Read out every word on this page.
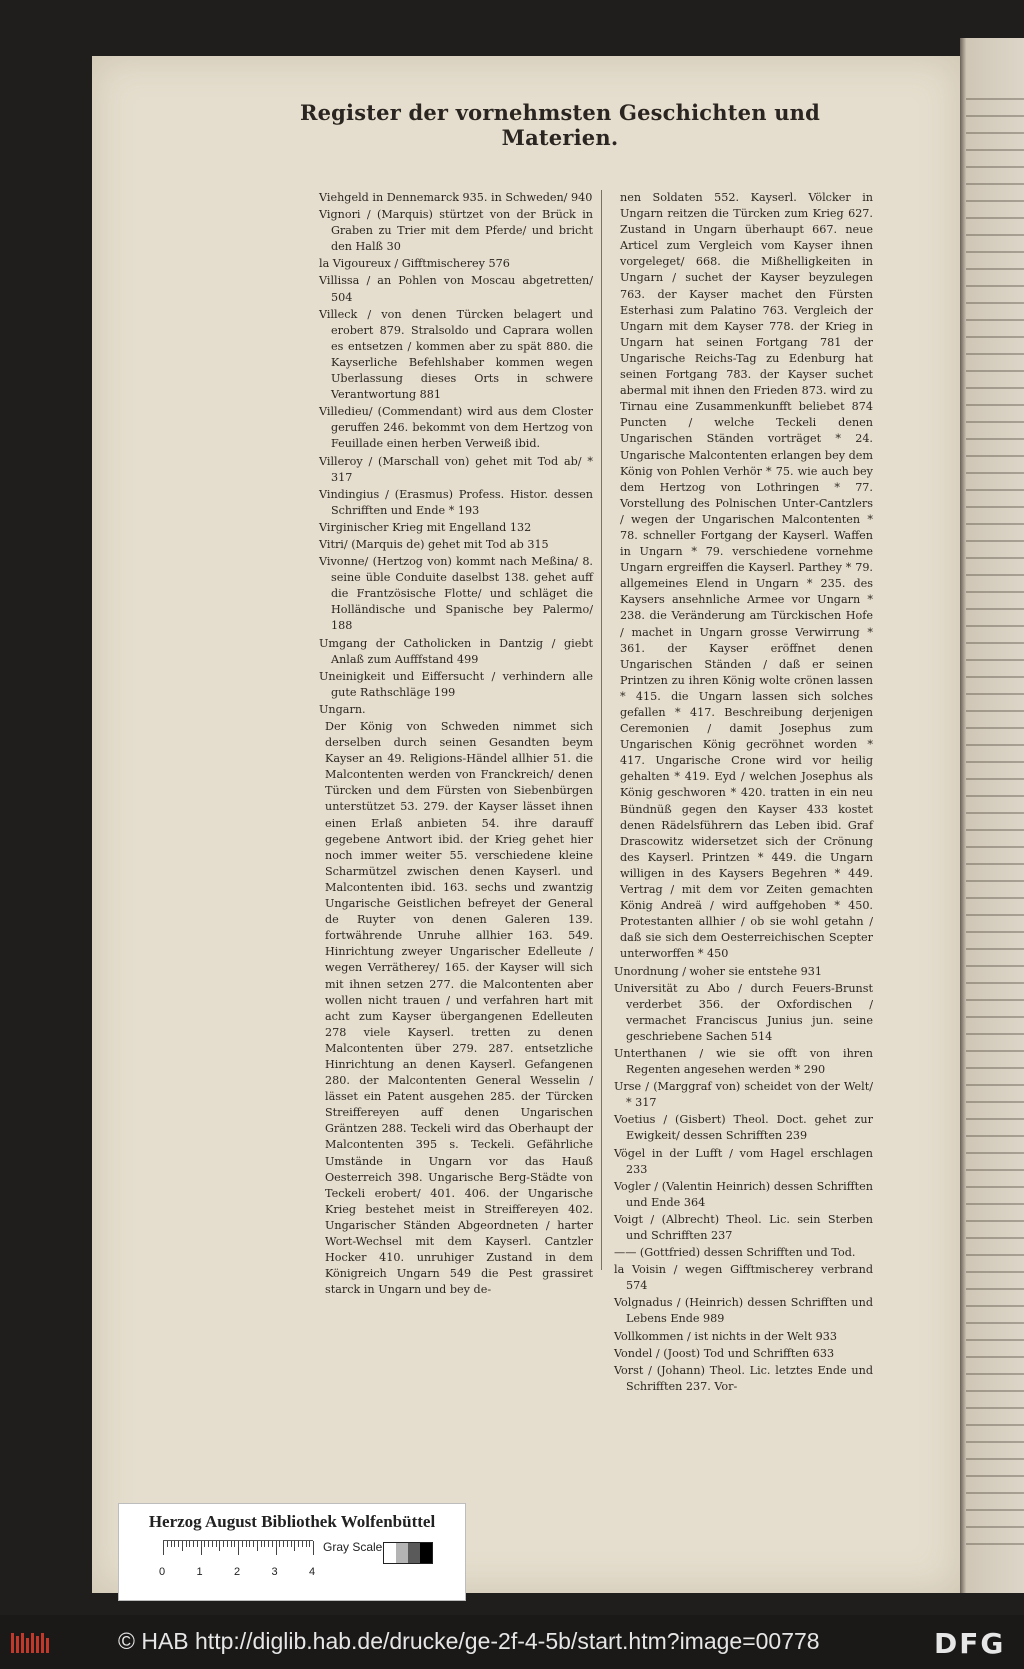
Register der vornehmsten Geschichten und Materien.

Viehgeld in Dennemarck 935. in Schweden/ 940

Vignori / (Marquis) stürtzet von der Brück in Graben zu Trier mit dem Pferde/ und bricht den Halß 30

la Vigoureux / Gifftmischerey 576

Villissa / an Pohlen von Moscau abgetretten/ 504

Villeck / von denen Türcken belagert und erobert 879. Stralsoldo und Caprara wollen es entsetzen / kommen aber zu spät 880. die Kayserliche Befehlshaber kommen wegen Uberlassung dieses Orts in schwere Verantwortung 881

Villedieu/ (Commendant) wird aus dem Closter geruffen 246. bekommt von dem Hertzog von Feuillade einen herben Verweiß ibid.

Villeroy / (Marschall von) gehet mit Tod ab/ * 317

Vindingius / (Erasmus) Profess. Histor. dessen Schrifften und Ende * 193

Virginischer Krieg mit Engelland 132

Vitri/ (Marquis de) gehet mit Tod ab 315

Vivonne/ (Hertzog von) kommt nach Meßina/ 8. seine üble Conduite daselbst 138. gehet auff die Frantzösische Flotte/ und schläget die Holländische und Spanische bey Palermo/ 188

Umgang der Catholicken in Dantzig / giebt Anlaß zum Aufffstand 499

Uneinigkeit und Eiffersucht / verhindern alle gute Rathschläge 199

Ungarn.

Der König von Schweden nimmet sich derselben durch seinen Gesandten beym Kayser an 49. Religions-Händel allhier 51. die Malcontenten werden von Franckreich/ denen Türcken und dem Fürsten von Siebenbürgen unterstützet 53. 279. der Kayser lässet ihnen einen Erlaß anbieten 54. ihre darauff gegebene Antwort ibid. der Krieg gehet hier noch immer weiter 55. verschiedene kleine Scharmützel zwischen denen Kayserl. und Malcontenten ibid. 163. sechs und zwantzig Ungarische Geistlichen befreyet der General de Ruyter von denen Galeren 139. fortwährende Unruhe allhier 163. 549. Hinrichtung zweyer Ungarischer Edelleute / wegen Verrätherey/ 165. der Kayser will sich mit ihnen setzen 277. die Malcontenten aber wollen nicht trauen / und verfahren hart mit acht zum Kayser übergangenen Edelleuten 278 viele Kayserl. tretten zu denen Malcontenten über 279. 287. entsetzliche Hinrichtung an denen Kayserl. Gefangenen 280. der Malcontenten General Wesselin / lässet ein Patent ausgehen 285. der Türcken Streiffereyen auff denen Ungarischen Gräntzen 288. Teckeli wird das Oberhaupt der Malcontenten 395 s. Teckeli. Gefährliche Umstände in Ungarn vor das Hauß Oesterreich 398. Ungarische Berg-Städte von Teckeli erobert/ 401. 406. der Ungarische Krieg bestehet meist in Streiffereyen 402. Ungarischer Ständen Abgeordneten / harter Wort-Wechsel mit dem Kayserl. Cantzler Hocker 410. unruhiger Zustand in dem Königreich Ungarn 549 die Pest grassiret starck in Ungarn und bey de-

nen Soldaten 552. Kayserl. Völcker in Ungarn reitzen die Türcken zum Krieg 627. Zustand in Ungarn überhaupt 667. neue Articel zum Vergleich vom Kayser ihnen vorgeleget/ 668. die Mißhelligkeiten in Ungarn / suchet der Kayser beyzulegen 763. der Kayser machet den Fürsten Esterhasi zum Palatino 763. Vergleich der Ungarn mit dem Kayser 778. der Krieg in Ungarn hat seinen Fortgang 781 der Ungarische Reichs-Tag zu Edenburg hat seinen Fortgang 783. der Kayser suchet abermal mit ihnen den Frieden 873. wird zu Tirnau eine Zusammenkunfft beliebet 874 Puncten / welche Teckeli denen Ungarischen Ständen vorträget * 24. Ungarische Malcontenten erlangen bey dem König von Pohlen Verhör * 75. wie auch bey dem Hertzog von Lothringen * 77. Vorstellung des Polnischen Unter-Cantzlers / wegen der Ungarischen Malcontenten * 78. schneller Fortgang der Kayserl. Waffen in Ungarn * 79. verschiedene vornehme Ungarn ergreiffen die Kayserl. Parthey * 79. allgemeines Elend in Ungarn * 235. des Kaysers ansehnliche Armee vor Ungarn * 238. die Veränderung am Türckischen Hofe / machet in Ungarn grosse Verwirrung * 361. der Kayser eröffnet denen Ungarischen Ständen / daß er seinen Printzen zu ihren König wolte crönen lassen * 415. die Ungarn lassen sich solches gefallen * 417. Beschreibung derjenigen Ceremonien / damit Josephus zum Ungarischen König gecröhnet worden * 417. Ungarische Crone wird vor heilig gehalten * 419. Eyd / welchen Josephus als König geschworen * 420. tratten in ein neu Bündnüß gegen den Kayser 433 kostet denen Rädelsführern das Leben ibid. Graf Drascowitz widersetzet sich der Crönung des Kayserl. Printzen * 449. die Ungarn willigen in des Kaysers Begehren * 449. Vertrag / mit dem vor Zeiten gemachten König Andreä / wird auffgehoben * 450. Protestanten allhier / ob sie wohl getahn / daß sie sich dem Oesterreichischen Scepter unterworffen * 450

Unordnung / woher sie entstehe 931

Universität zu Abo / durch Feuers-Brunst verderbet 356. der Oxfordischen / vermachet Franciscus Junius jun. seine geschriebene Sachen 514

Unterthanen / wie sie offt von ihren Regenten angesehen werden * 290

Urse / (Marggraf von) scheidet von der Welt/ * 317

Voetius / (Gisbert) Theol. Doct. gehet zur Ewigkeit/ dessen Schrifften 239

Vögel in der Lufft / vom Hagel erschlagen 233

Vogler / (Valentin Heinrich) dessen Schrifften und Ende 364

Voigt / (Albrecht) Theol. Lic. sein Sterben und Schrifften 237

—— (Gottfried) dessen Schrifften und Tod.

la Voisin / wegen Gifftmischerey verbrand 574

Volgnadus / (Heinrich) dessen Schrifften und Lebens Ende 989

Vollkommen / ist nichts in der Welt 933

Vondel / (Joost) Tod und Schrifften 633

Vorst / (Johann) Theol. Lic. letztes Ende und Schrifften 237. Vor-

Herzog August Bibliothek Wolfenbüttel
0	1	2	3	4
Gray Scale
© HAB http://diglib.hab.de/drucke/ge-2f-4-5b/start.htm?image=00778	DFG
